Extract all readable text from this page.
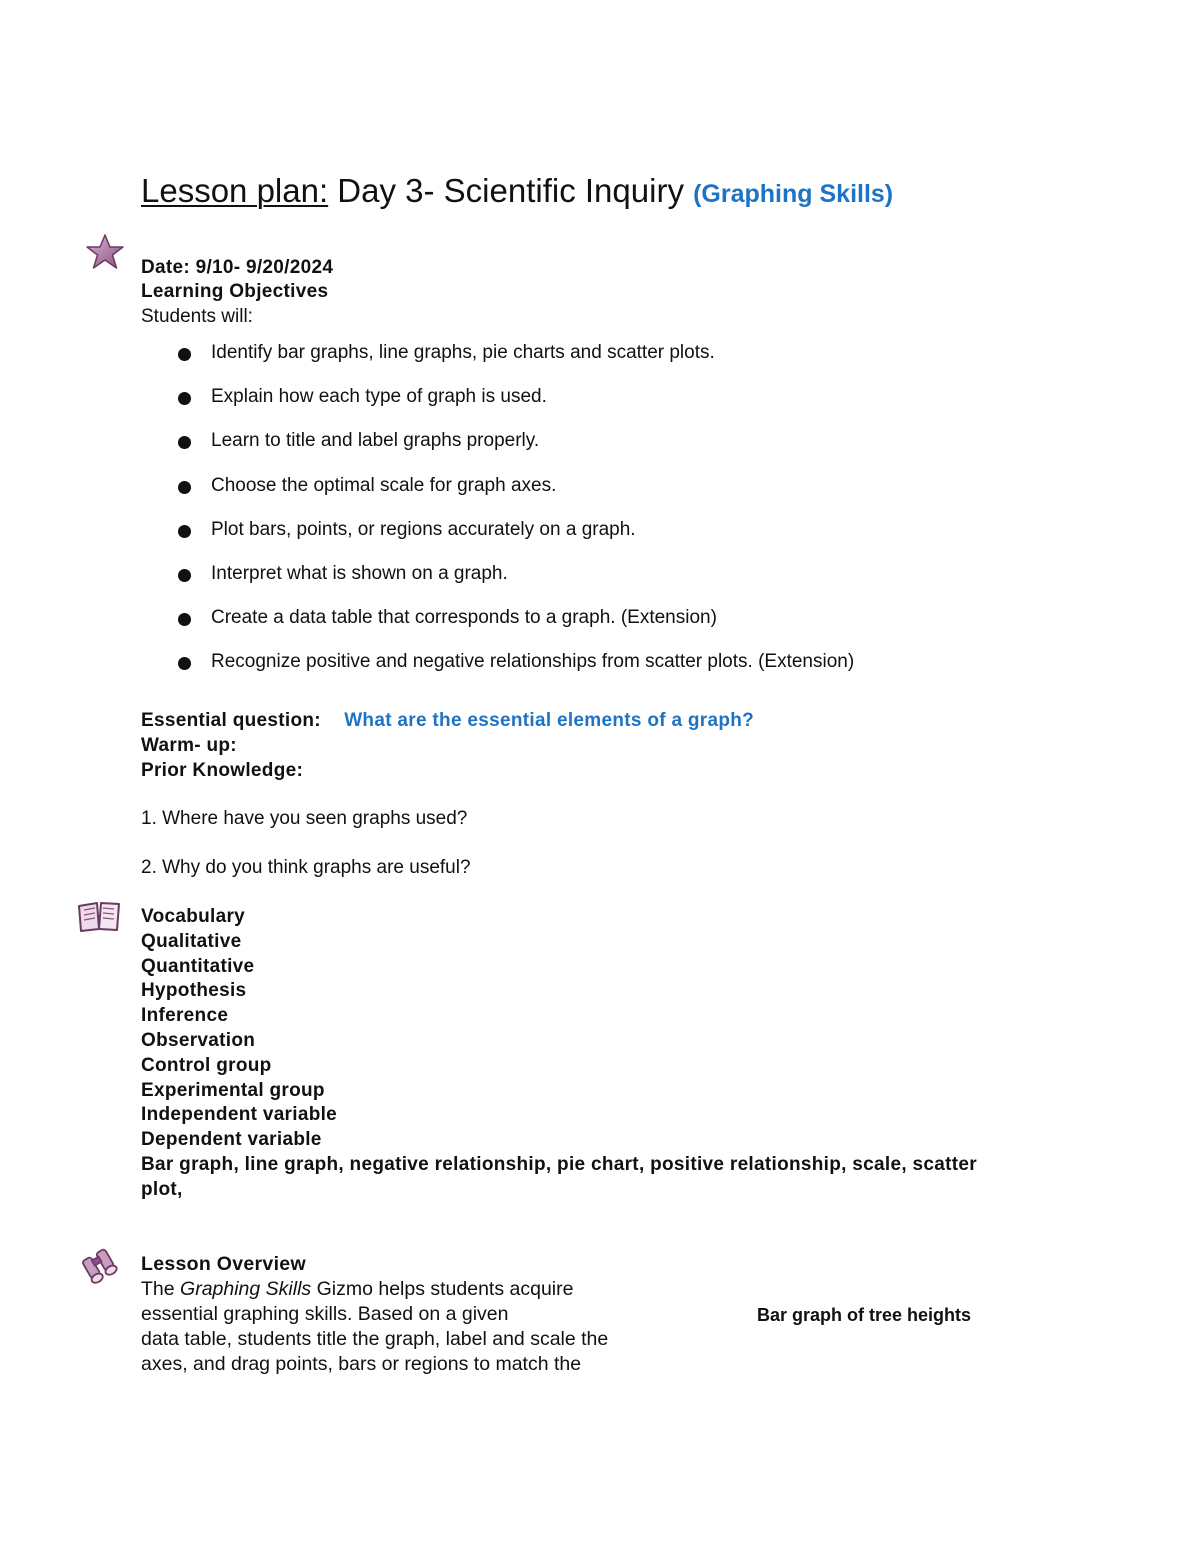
Lesson plan: Day 3- Scientific Inquiry (Graphing Skills)
Date: 9/10- 9/20/2024
Learning Objectives
Students will:
Identify bar graphs, line graphs, pie charts and scatter plots.
Explain how each type of graph is used.
Learn to title and label graphs properly.
Choose the optimal scale for graph axes.
Plot bars, points, or regions accurately on a graph.
Interpret what is shown on a graph.
Create a data table that corresponds to a graph. (Extension)
Recognize positive and negative relationships from scatter plots. (Extension)
Essential question: What are the essential elements of a graph?
Warm- up:
Prior Knowledge:
1. Where have you seen graphs used?
2. Why do you think graphs are useful?
Vocabulary
Qualitative
Quantitative
Hypothesis
Inference
Observation
Control group
Experimental group
Independent variable
Dependent variable
Bar graph, line graph, negative relationship, pie chart, positive relationship, scale, scatter
plot,
Lesson Overview
The Graphing Skills Gizmo helps students acquire
essential graphing skills. Based on a given
data table, students title the graph, label and scale the
axes, and drag points, bars or regions to match the
Bar graph of tree heights
